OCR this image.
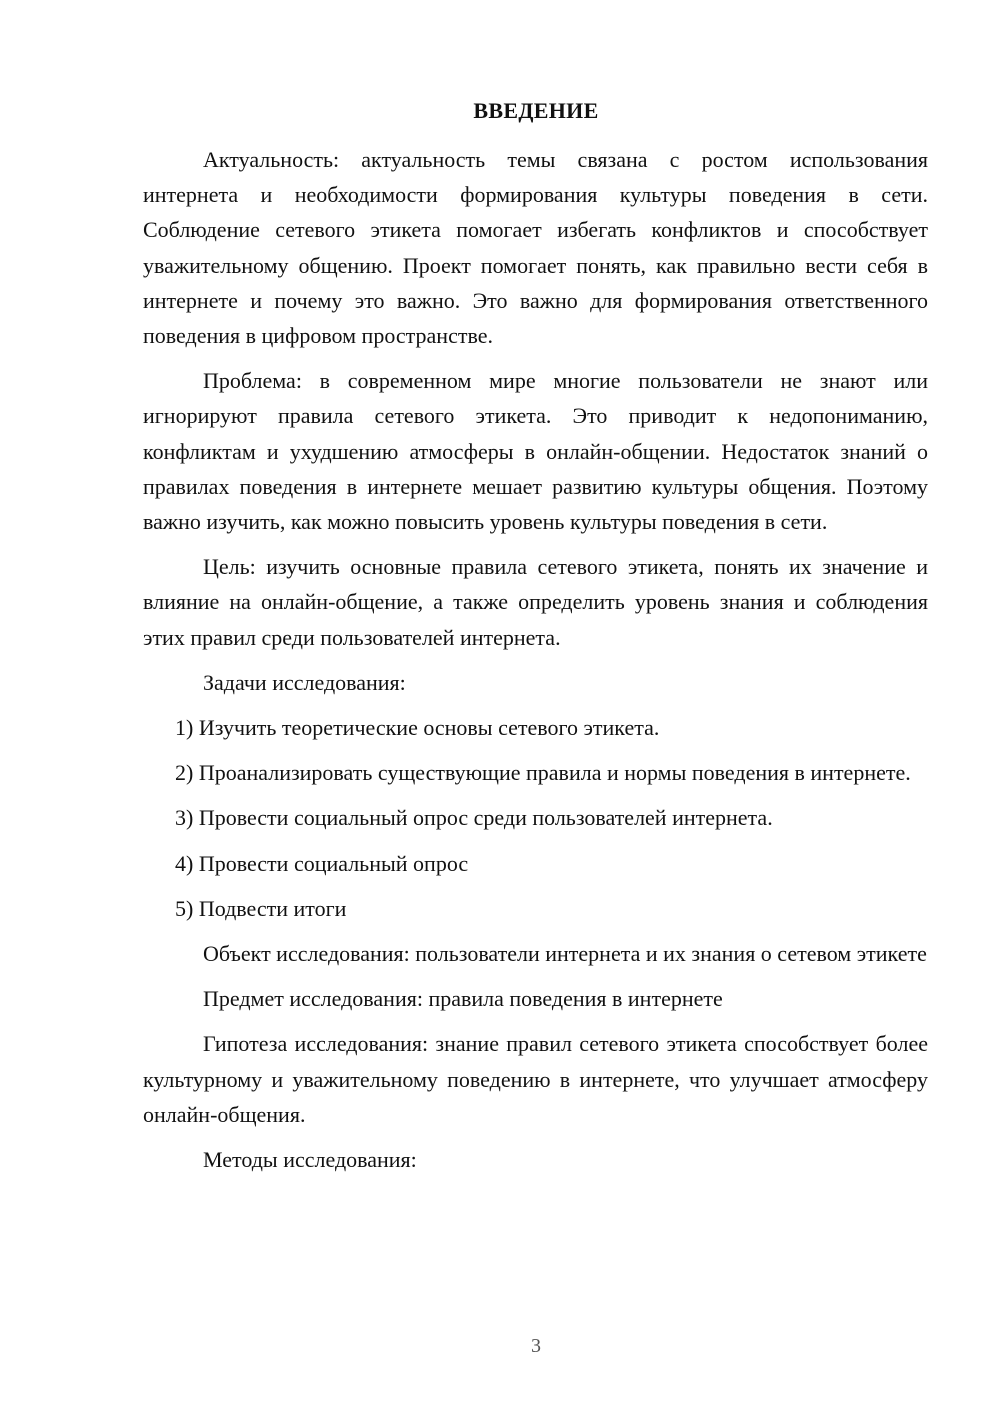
ВВЕДЕНИЕ

Актуальность: актуальность темы связана с ростом использования интернета и необходимости формирования культуры поведения в сети. Соблюдение сетевого этикета помогает избегать конфликтов и способствует уважительному общению. Проект помогает понять, как правильно вести себя в интернете и почему это важно. Это важно для формирования ответственного поведения в цифровом пространстве.

Проблема: в современном мире многие пользователи не знают или игнорируют правила сетевого этикета. Это приводит к недопониманию, конфликтам и ухудшению атмосферы в онлайн-общении. Недостаток знаний о правилах поведения в интернете мешает развитию культуры общения. Поэтому важно изучить, как можно повысить уровень культуры поведения в сети.

Цель: изучить основные правила сетевого этикета, понять их значение и влияние на онлайн-общение, а также определить уровень знания и соблюдения этих правил среди пользователей интернета.

Задачи исследования:

1) Изучить теоретические основы сетевого этикета.

2) Проанализировать существующие правила и нормы поведения в интернете.

3) Провести социальный опрос среди пользователей интернета.

4) Провести социальный опрос

5) Подвести итоги

Объект исследования: пользователи интернета и их знания о сетевом этикете

Предмет исследования: правила поведения в интернете

Гипотеза исследования: знание правил сетевого этикета способствует более культурному и уважительному поведению в интернете, что улучшает атмосферу онлайн-общения.

Методы исследования:

3
